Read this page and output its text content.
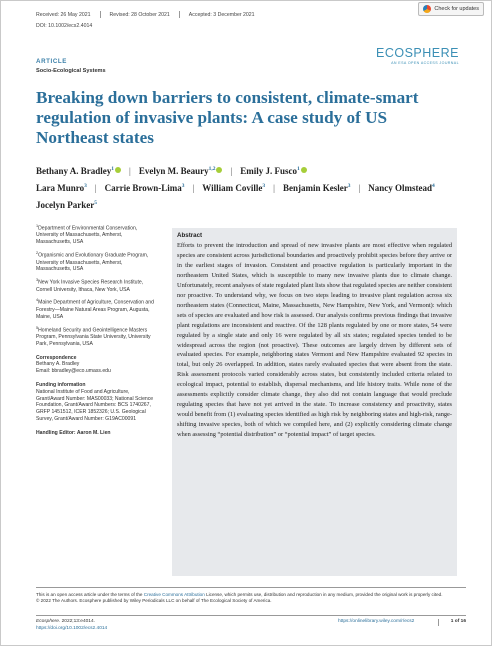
Received: 26 May 2021	Revised: 28 October 2021	Accepted: 3 December 2021
Check for updates
DOI: 10.1002/ecs2.4014
ECOSPHERE
AN ESA OPEN ACCESS JOURNAL
ARTICLE
Socio-Ecological Systems
Breaking down barriers to consistent, climate-smart regulation of invasive plants: A case study of US Northeast states
Bethany A. Bradley$^1$ | Evelyn M. Beaury$^{1,2}$ | Emily J. Fusco$^1$
Lara Munro$^3$ | Carrie Brown-Lima$^3$ | William Coville$^3$ | Benjamin Kesler$^3$ | Nancy Olmstead$^4$
Jocelyn Parker$^5$
$^1$Department of Environmental Conservation, University of Massachusetts, Amherst, Massachusetts, USA
$^2$Organismic and Evolutionary Graduate Program, University of Massachusetts, Amherst, Massachusetts, USA
$^3$New York Invasive Species Research Institute, Cornell University, Ithaca, New York, USA
$^4$Maine Department of Agriculture, Conservation and Forestry—Maine Natural Areas Program, Augusta, Maine, USA
$^5$Homeland Security and Geointelligence Masters Program, Pennsylvania State University, University Park, Pennsylvania, USA
Correspondence
Bethany A. Bradley
Email: bbradley@eco.umass.edu
Funding information
National Institute of Food and Agriculture, Grant/Award Number: MAS00033; National Science Foundation, Grant/Award Numbers: BCS 1740267, GRFP 1451512, ICER 1852326; U.S. Geological Survey, Grant/Award Number: G19AC00091
Handling Editor: Aaron M. Lien
Abstract
Efforts to prevent the introduction and spread of new invasive plants are most effective when regulated species are consistent across jurisdictional boundaries and proactively prohibit species before they arrive or in the earliest stages of invasion. Consistent and proactive regulation is particularly important in the northeastern United States, which is susceptible to many new invasive plants due to climate change. Unfortunately, recent analyses of state regulated plant lists show that regulated species are neither consistent nor proactive. To understand why, we focus on two steps leading to invasive plant regulation across six northeastern states (Connecticut, Maine, Massachusetts, New Hampshire, New York, and Vermont): which sets of species are evaluated and how risk is assessed. Our analysis confirms previous findings that invasive plant regulations are inconsistent and reactive. Of the 128 plants regulated by one or more states, 54 were regulated by a single state and only 16 were regulated by all six states; regulated species tended to be widespread across the region (not proactive). These outcomes are largely driven by different sets of evaluated species. For example, neighboring states Vermont and New Hampshire evaluated 92 species in total, but only 26 overlapped. In addition, states rarely evaluated species that were absent from the state. Risk assessment protocols varied considerably across states, but consistently included criteria related to ecological impact, potential to establish, dispersal mechanisms, and life history traits. While none of the assessments explicitly consider climate change, they also did not contain language that would preclude regulating species that have not yet arrived in the state. To increase consistency and proactivity, states would benefit from (1) evaluating species identified as high risk by neighboring states and high-risk, range-shifting invasive species, both of which we compiled here, and (2) explicitly considering climate change when assessing “potential distribution” or “potential impact” of target species.
This is an open access article under the terms of the Creative Commons Attribution License, which permits use, distribution and reproduction in any medium, provided the original work is properly cited.
© 2022 The Authors. Ecosphere published by Wiley Periodicals LLC on behalf of The Ecological Society of America.
Ecosphere. 2022;13:e4014.
https://doi.org/10.1002/ecs2.4014
https://onlinelibrary.wiley.com/r/ecs2	1 of 16
